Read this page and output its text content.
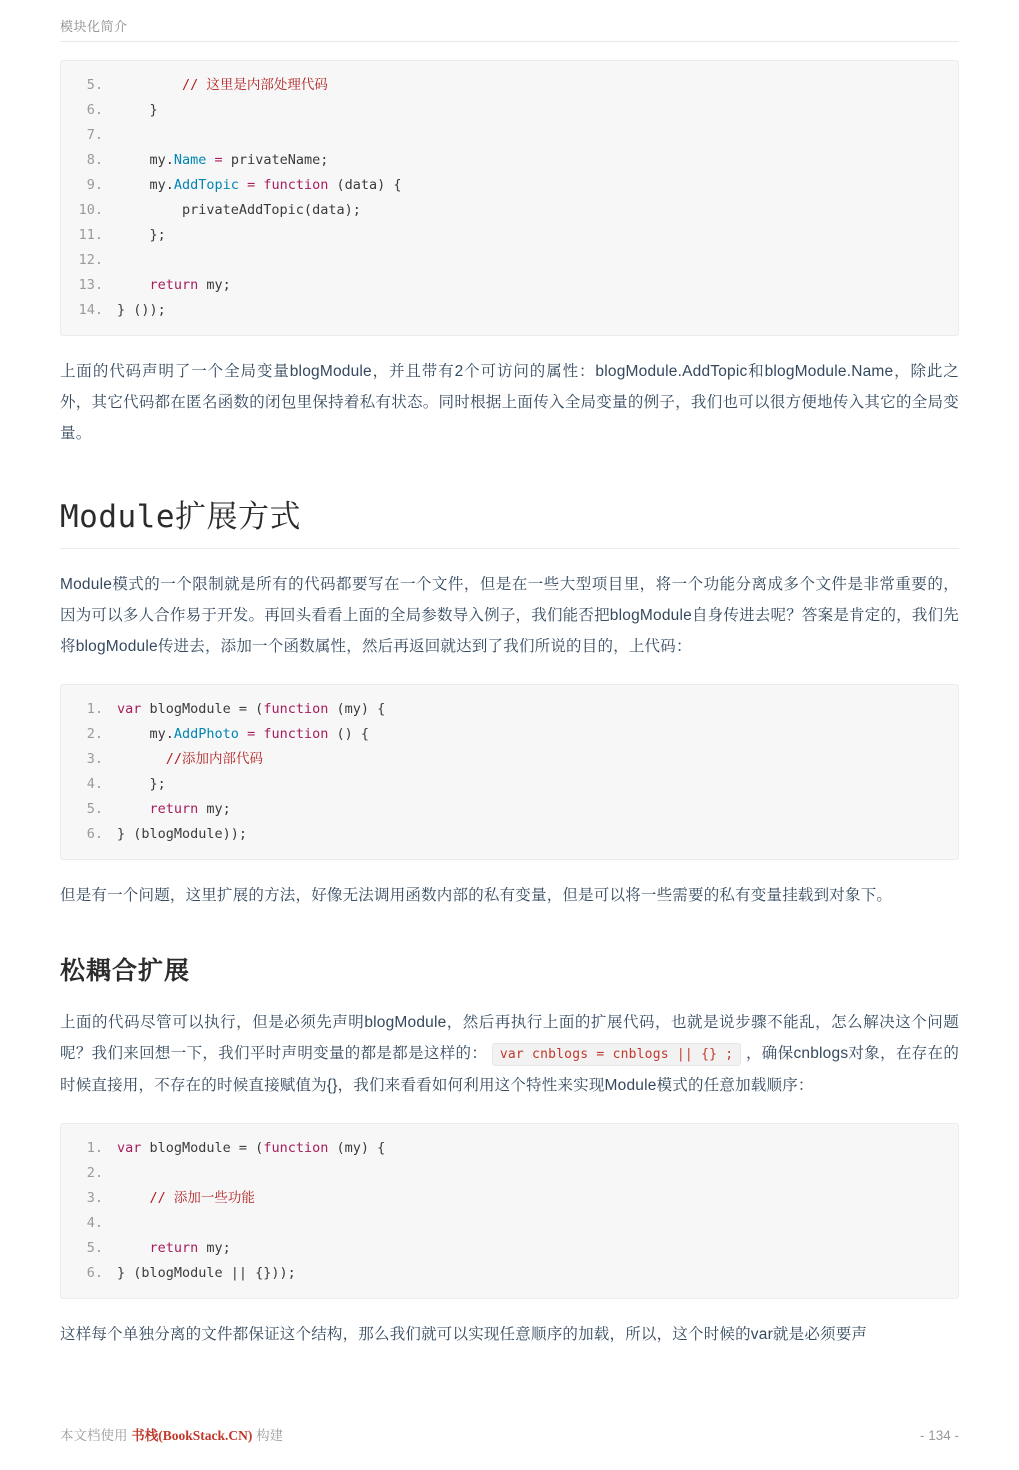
模块化简介
5.	// 这里是内部处理代码
6.	}
7.
8.	my.Name = privateName;
9.	my.AddTopic = function (data) {
10.	privateAddTopic(data);
11.	};
12.
13.	return my;
14.	} ());

上面的代码声明了一个全局变量blogModule，并且带有2个可访问的属性：blogModule.AddTopic和blogModule.Name，除此之外，其它代码都在匿名函数的闭包里保持着私有状态。同时根据上面传入全局变量的例子，我们也可以很方便地传入其它的全局变量。

Module扩展方式

Module模式的一个限制就是所有的代码都要写在一个文件，但是在一些大型项目里，将一个功能分离成多个文件是非常重要的，因为可以多人合作易于开发。再回头看看上面的全局参数导入例子，我们能否把blogModule自身传进去呢？答案是肯定的，我们先将blogModule传进去，添加一个函数属性，然后再返回就达到了我们所说的目的，上代码：

1.	var blogModule = (function (my) {
2.	my.AddPhoto = function () {
3.	//添加内部代码
4.	};
5.	return my;
6.	} (blogModule));

但是有一个问题，这里扩展的方法，好像无法调用函数内部的私有变量，但是可以将一些需要的私有变量挂载到对象下。

松耦合扩展

上面的代码尽管可以执行，但是必须先声明blogModule，然后再执行上面的扩展代码，也就是说步骤不能乱，怎么解决这个问题呢？我们来回想一下，我们平时声明变量的都是都是这样的： var cnblogs = cnblogs || {} ; ，确保cnblogs对象，在存在的时候直接用，不存在的时候直接赋值为{}，我们来看看如何利用这个特性来实现Module模式的任意加载顺序：

1.	var blogModule = (function (my) {
2.
3.	// 添加一些功能
4.
5.	return my;
6.	} (blogModule || {}));

这样每个单独分离的文件都保证这个结构，那么我们就可以实现任意顺序的加载，所以，这个时候的var就是必须要声

本文档使用 书栈(BookStack.CN) 构建	- 134 -
